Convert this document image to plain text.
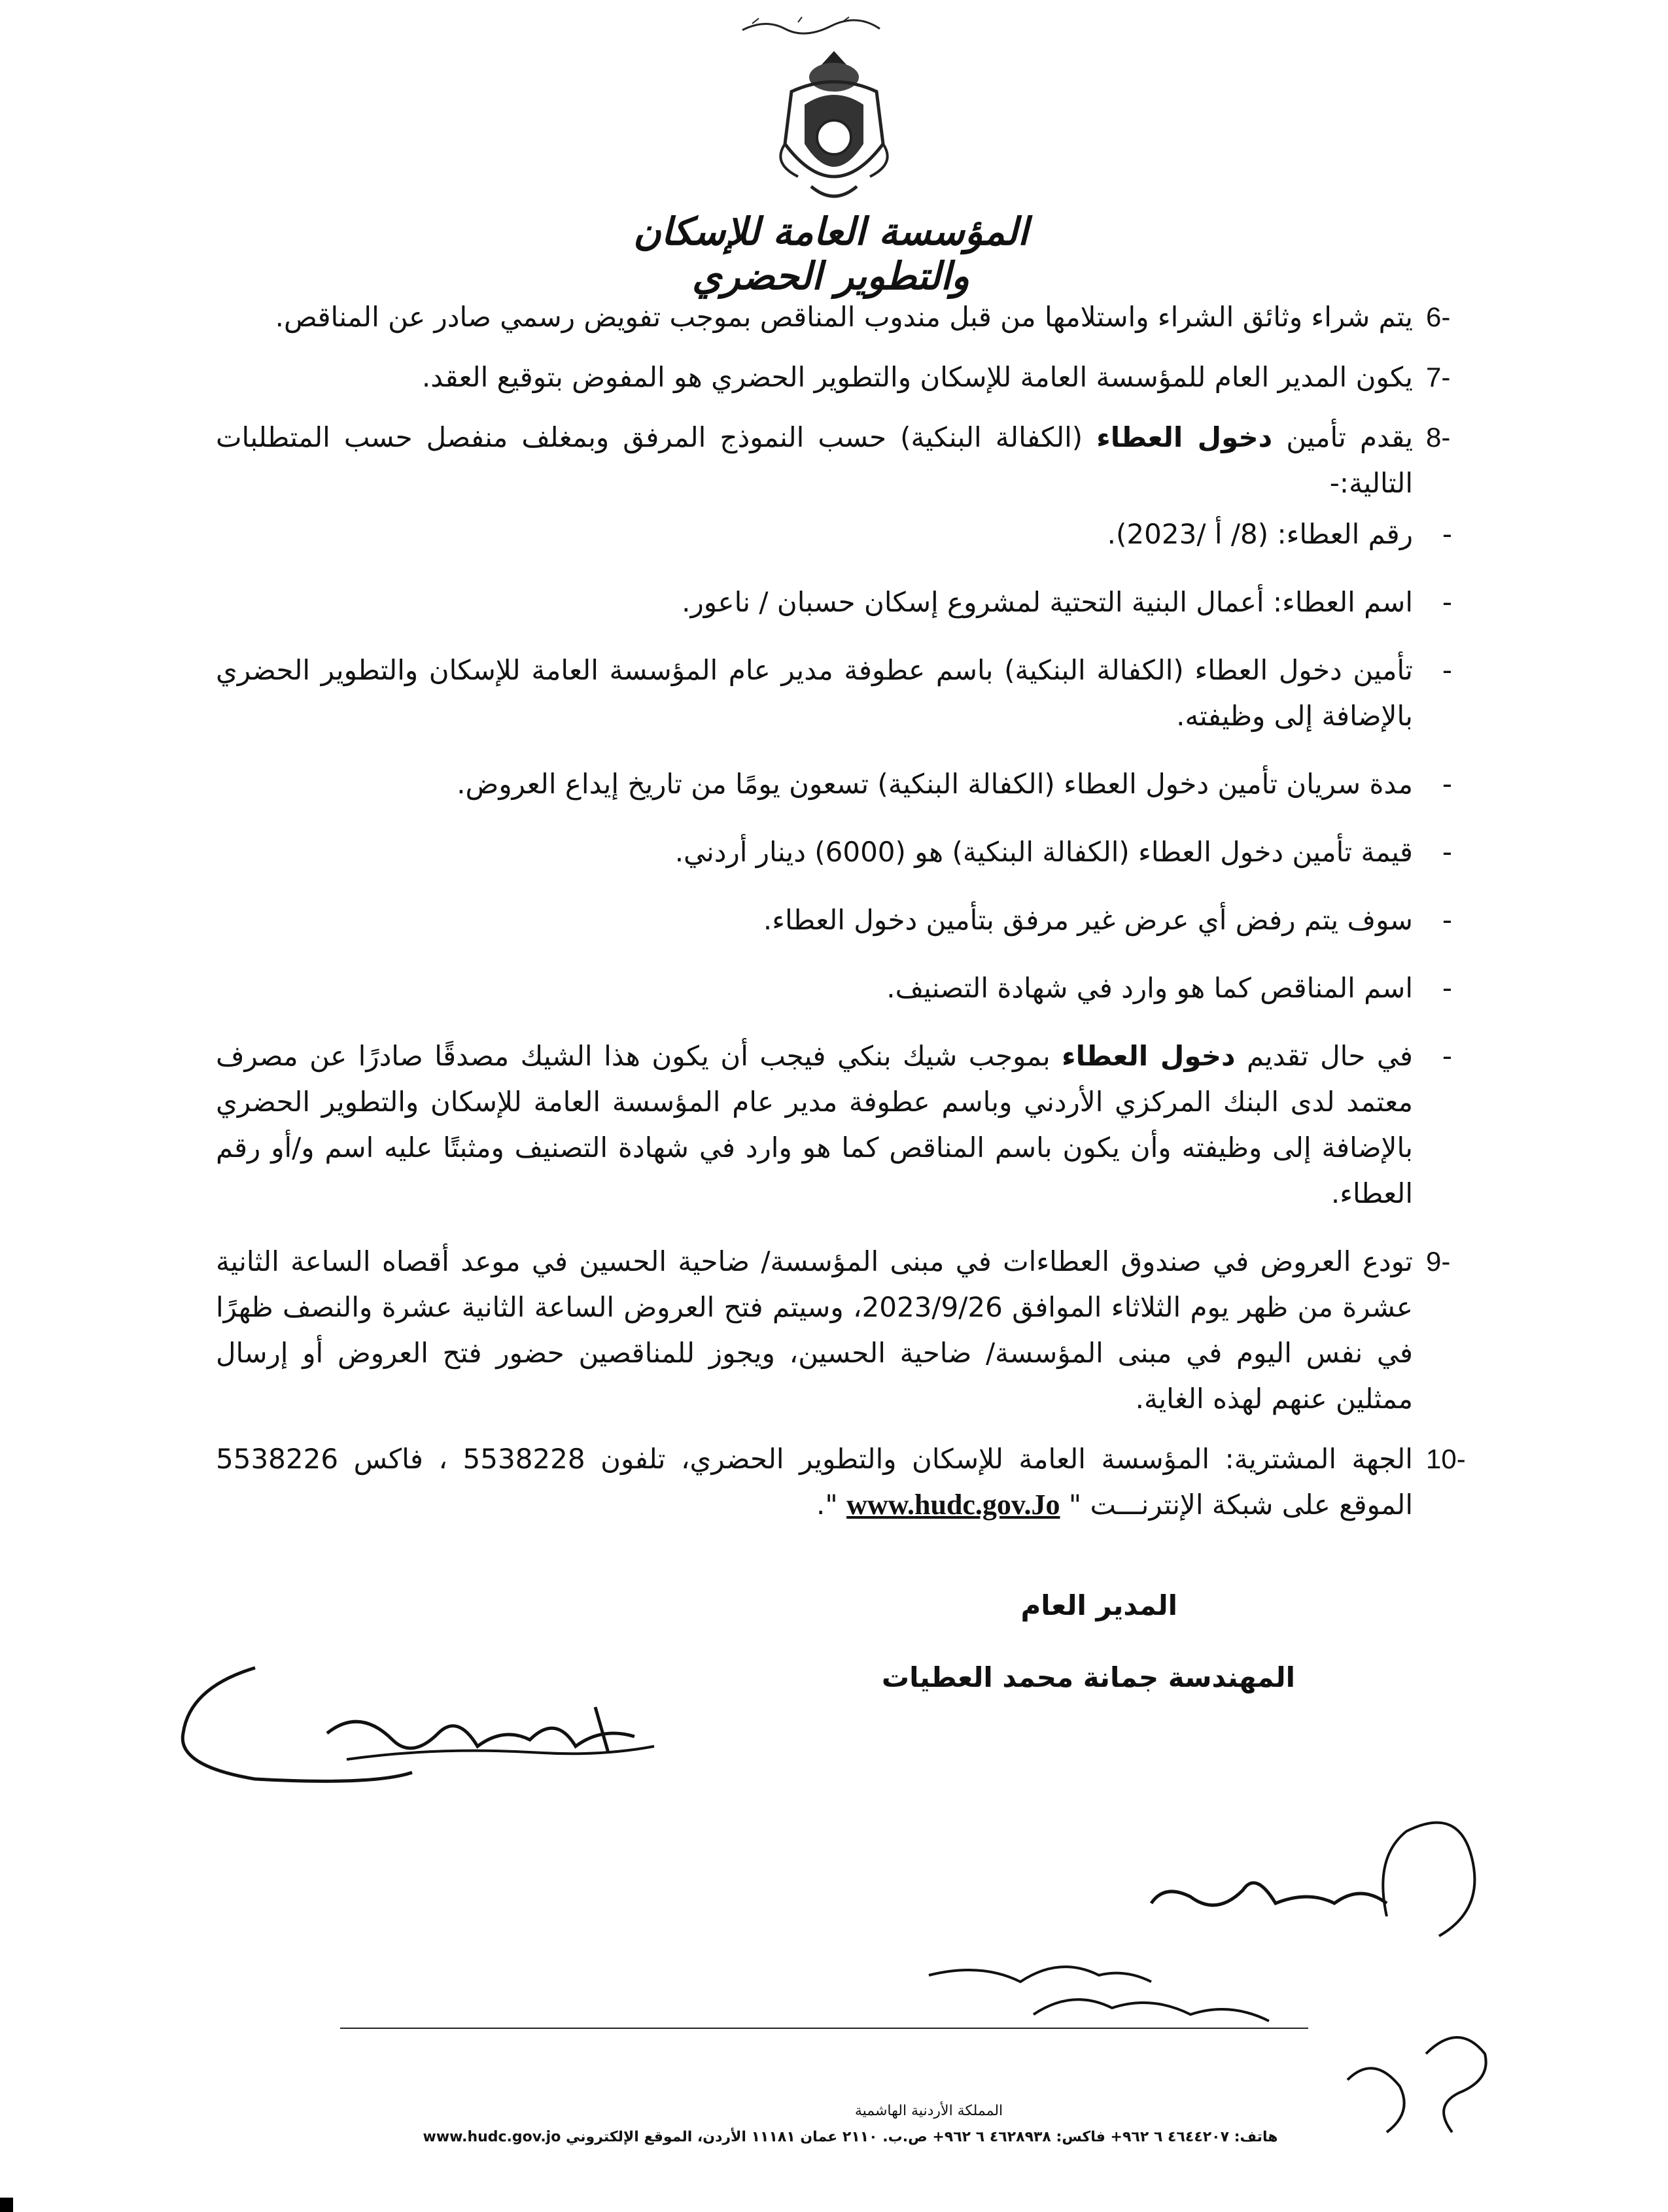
المؤسسة العامة للإسكان والتطوير الحضري
6-

يتم شراء وثائق الشراء واستلامها من قبل مندوب المناقص بموجب تفويض رسمي صادر عن المناقص.

7-

يكون المدير العام للمؤسسة العامة للإسكان والتطوير الحضري هو المفوض بتوقيع العقد.

8-

يقدم تأمين دخول العطاء (الكفالة البنكية) حسب النموذج المرفق وبمغلف منفصل حسب المتطلبات التالية:-

-
رقم العطاء: (8/ أ /2023).
-
اسم العطاء: أعمال البنية التحتية لمشروع إسكان حسبان / ناعور.
-
تأمين دخول العطاء (الكفالة البنكية) باسم عطوفة مدير عام المؤسسة العامة للإسكان والتطوير الحضري بالإضافة إلى وظيفته.
-
مدة سريان تأمين دخول العطاء (الكفالة البنكية) تسعون يومًا من تاريخ إيداع العروض.
-
قيمة تأمين دخول العطاء (الكفالة البنكية) هو (6000) دينار أردني.
-
سوف يتم رفض أي عرض غير مرفق بتأمين دخول العطاء.
-
اسم المناقص كما هو وارد في شهادة التصنيف.
-
في حال تقديم دخول العطاء بموجب شيك بنكي فيجب أن يكون هذا الشيك مصدقًا صادرًا عن مصرف معتمد لدى البنك المركزي الأردني وباسم عطوفة مدير عام المؤسسة العامة للإسكان والتطوير الحضري بالإضافة إلى وظيفته وأن يكون باسم المناقص كما هو وارد في شهادة التصنيف ومثبتًا عليه اسم و/أو رقم العطاء.
9-

تودع العروض في صندوق العطاءات في مبنى المؤسسة/ ضاحية الحسين في موعد أقصاه الساعة الثانية عشرة من ظهر يوم الثلاثاء الموافق 2023/9/26، وسيتم فتح العروض الساعة الثانية عشرة والنصف ظهرًا في نفس اليوم في مبنى المؤسسة/ ضاحية الحسين، ويجوز للمناقصين حضور فتح العروض أو إرسال ممثلين عنهم لهذه الغاية.

10-

الجهة المشترية: المؤسسة العامة للإسكان والتطوير الحضري، تلفون 5538228 ، فاكس 5538226 الموقع على شبكة الإنترنـــت " www.hudc.gov.Jo ".

المدير العام
المهندسة جمانة محمد العطيات
المملكة الأردنية الهاشمية
هاتف: ٤٦٤٤٢٠٧ ٦ ٩٦٢+ فاكس: ٤٦٢٨٩٣٨ ٦ ٩٦٢+ ص.ب. ٢١١٠ عمان ١١١٨١ الأردن، الموقع الإلكتروني www.hudc.gov.jo
